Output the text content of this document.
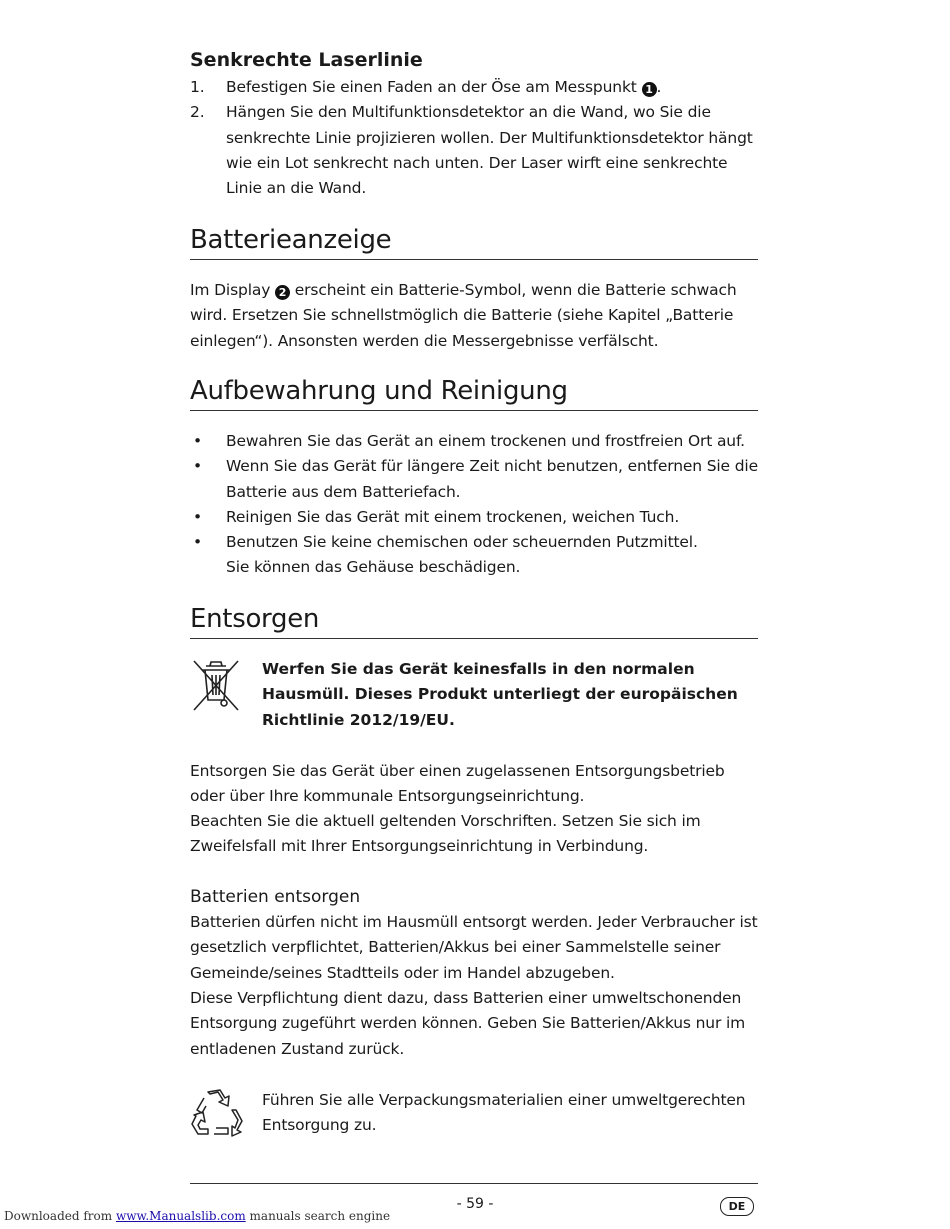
Senkrechte Laserlinie
1. Befestigen Sie einen Faden an der Öse am Messpunkt 1 .
2. Hängen Sie den Multifunktionsdetektor an die Wand, wo Sie die senkrechte Linie projizieren wollen. Der Multifunktionsdetektor hängt wie ein Lot senkrecht nach unten. Der Laser wirft eine senkrechte Linie an die Wand.
Batterieanzeige

Im Display 2 erscheint ein Batterie-Symbol, wenn die Batterie schwach wird. Ersetzen Sie schnellstmöglich die Batterie (siehe Kapitel „Batterie einlegen“). Ansonsten werden die Messergebnisse verfälscht.

Aufbewahrung und Reinigung
• Bewahren Sie das Gerät an einem trockenen und frostfreien Ort auf.
• Wenn Sie das Gerät für längere Zeit nicht benutzen, entfernen Sie die Batterie aus dem Batteriefach.
• Reinigen Sie das Gerät mit einem trockenen, weichen Tuch.
• Benutzen Sie keine chemischen oder scheuernden Putzmittel.
Sie können das Gehäuse beschädigen.
Entsorgen
Werfen Sie das Gerät keinesfalls in den normalen Hausmüll. Dieses Produkt unterliegt der europäischen Richtlinie 2012/19/EU.

Entsorgen Sie das Gerät über einen zugelassenen Entsorgungsbetrieb oder über Ihre kommunale Entsorgungseinrichtung.

Beachten Sie die aktuell geltenden Vorschriften. Setzen Sie sich im Zweifelsfall mit Ihrer Entsorgungseinrichtung in Verbindung.

Batterien entsorgen

Batterien dürfen nicht im Hausmüll entsorgt werden. Jeder Verbraucher ist gesetzlich verpflichtet, Batterien/Akkus bei einer Sammelstelle seiner Gemeinde/seines Stadtteils oder im Handel abzugeben.

Diese Verpflichtung dient dazu, dass Batterien einer umweltschonenden Entsorgung zugeführt werden können. Geben Sie Batterien/Akkus nur im entladenen Zustand zurück.

Führen Sie alle Verpackungsmaterialien einer umweltgerechten Entsorgung zu.
- 59 -	DE
Downloaded from www.Manualslib.com manuals search engine
